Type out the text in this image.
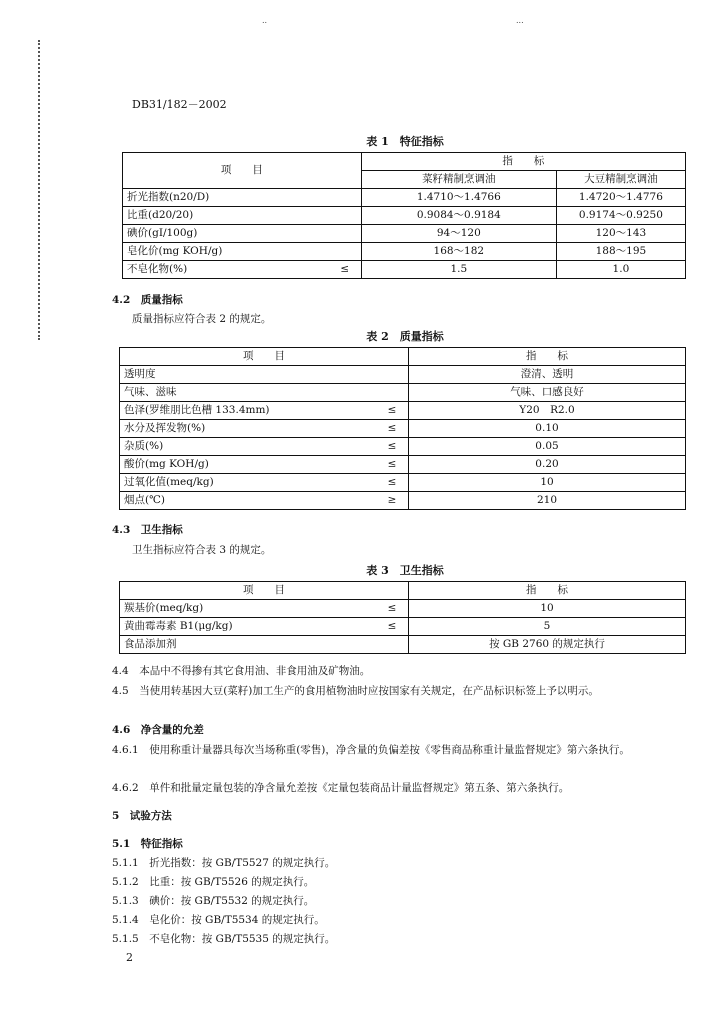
..	...
DB31/182－2002
表 1　特征指标
项　　目		指　　标	
		菜籽精制烹调油	大豆精制烹调油
折光指数(n20/D)		1.4710～1.4766	1.4720～1.4776
比重(d20/20)		0.9084～0.9184	0.9174～0.9250
碘价(gI/100g)		94～120	120～143
皂化价(mg KOH/g)		168～182	188～195
不皂化物(%)	≤	1.5	1.0
4.2　质量指标
质量指标应符合表 2 的规定。
表 2　质量指标
项　　目		指　　标
透明度		澄清、透明
气味、滋味		气味、口感良好
色泽(罗维朋比色槽 133.4mm)	≤	Y20　R2.0
水分及挥发物(%)	≤	0.10
杂质(%)	≤	0.05
酸价(mg KOH/g)	≤	0.20
过氧化值(meq/kg)	≤	10
烟点(℃)	≥	210
4.3　卫生指标
卫生指标应符合表 3 的规定。
表 3　卫生指标
项　　目		指　　标
羰基价(meq/kg)	≤	10
黄曲霉毒素 B1(μg/kg)	≤	5
食品添加剂		按 GB 2760 的规定执行
4.4　本品中不得掺有其它食用油、非食用油及矿物油。
4.5　当使用转基因大豆(菜籽)加工生产的食用植物油时应按国家有关规定，在产品标识标签上予以明示。
4.6　净含量的允差
4.6.1　使用称重计量器具每次当场称重(零售)，净含量的负偏差按《零售商品称重计量监督规定》第六条执行。
4.6.2　单件和批量定量包装的净含量允差按《定量包装商品计量监督规定》第五条、第六条执行。
5　试验方法
5.1　特征指标
5.1.1　折光指数：按 GB/T5527 的规定执行。
5.1.2　比重：按 GB/T5526 的规定执行。
5.1.3　碘价：按 GB/T5532 的规定执行。
5.1.4　皂化价：按 GB/T5534 的规定执行。
5.1.5　不皂化物：按 GB/T5535 的规定执行。
2
